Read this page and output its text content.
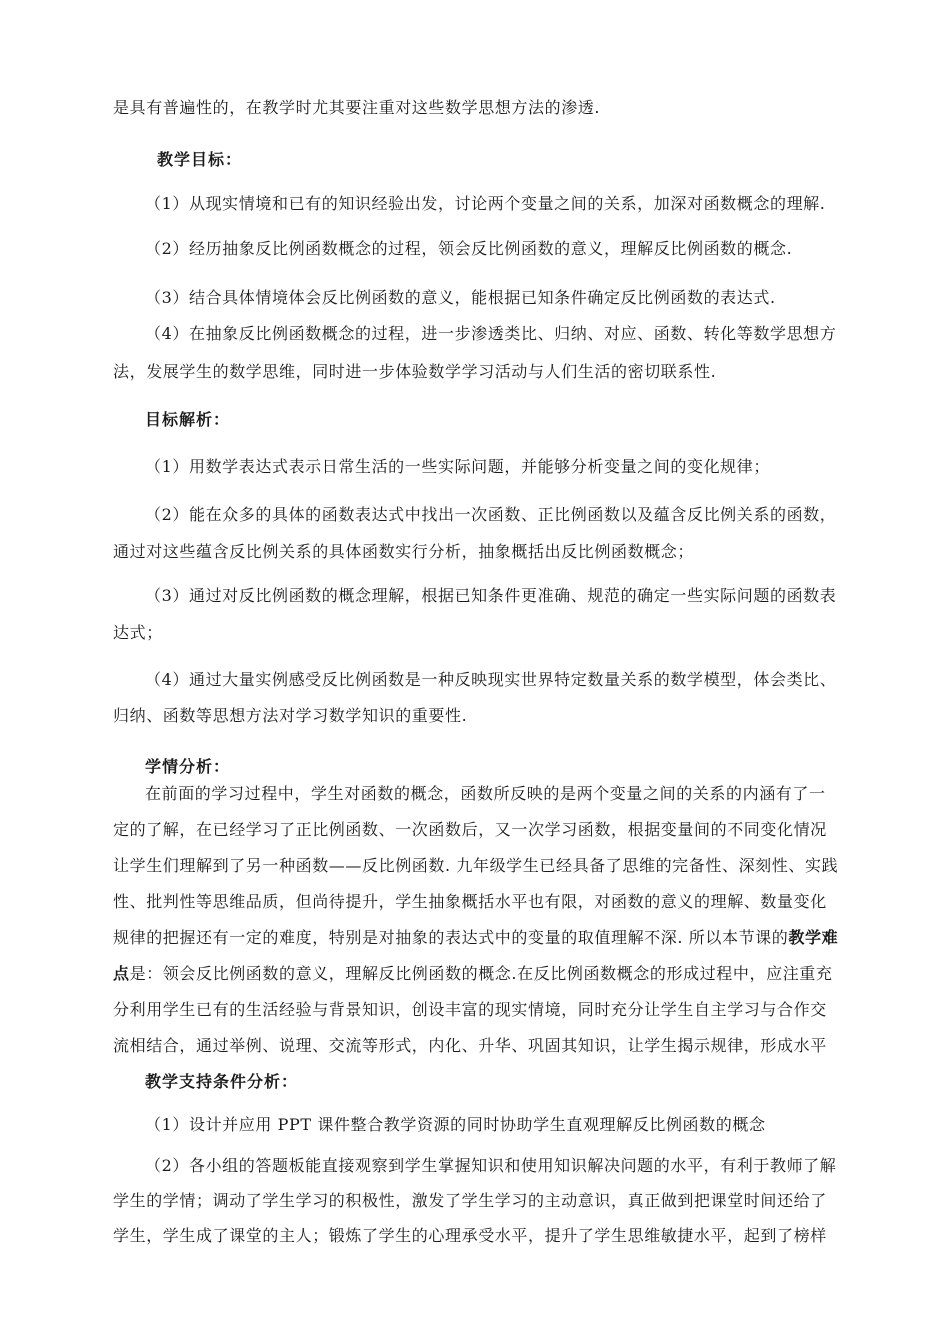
是具有普遍性的，在教学时尤其要注重对这些数学思想方法的渗透.
教学目标：
（1）从现实情境和已有的知识经验出发，讨论两个变量之间的关系，加深对函数概念的理解.
（2）经历抽象反比例函数概念的过程，领会反比例函数的意义，理解反比例函数的概念.
（3）结合具体情境体会反比例函数的意义，能根据已知条件确定反比例函数的表达式.
（4）在抽象反比例函数概念的过程，进一步渗透类比、归纳、对应、函数、转化等数学思想方
法，发展学生的数学思维，同时进一步体验数学学习活动与人们生活的密切联系性.
目标解析：
（1）用数学表达式表示日常生活的一些实际问题，并能够分析变量之间的变化规律；
（2）能在众多的具体的函数表达式中找出一次函数、正比例函数以及蕴含反比例关系的函数，
通过对这些蕴含反比例关系的具体函数实行分析，抽象概括出反比例函数概念；
（3）通过对反比例函数的概念理解，根据已知条件更准确、规范的确定一些实际问题的函数表
达式；
（4）通过大量实例感受反比例函数是一种反映现实世界特定数量关系的数学模型，体会类比、
归纳、函数等思想方法对学习数学知识的重要性.
学情分析：
在前面的学习过程中，学生对函数的概念，函数所反映的是两个变量之间的关系的内涵有了一
定的了解，在已经学习了正比例函数、一次函数后，又一次学习函数，根据变量间的不同变化情况
让学生们理解到了另一种函数——反比例函数. 九年级学生已经具备了思维的完备性、深刻性、实践
性、批判性等思维品质，但尚待提升，学生抽象概括水平也有限，对函数的意义的理解、数量变化
规律的把握还有一定的难度，特别是对抽象的表达式中的变量的取值理解不深. 所以本节课的教学难
点是：领会反比例函数的意义，理解反比例函数的概念.在反比例函数概念的形成过程中，应注重充
分利用学生已有的生活经验与背景知识，创设丰富的现实情境，同时充分让学生自主学习与合作交
流相结合，通过举例、说理、交流等形式，内化、升华、巩固其知识，让学生揭示规律，形成水平
教学支持条件分析：
（1）设计并应用 PPT 课件整合教学资源的同时协助学生直观理解反比例函数的概念
（2）各小组的答题板能直接观察到学生掌握知识和使用知识解决问题的水平，有利于教师了解
学生的学情；调动了学生学习的积极性，激发了学生学习的主动意识，真正做到把课堂时间还给了
学生，学生成了课堂的主人；锻炼了学生的心理承受水平，提升了学生思维敏捷水平，起到了榜样
